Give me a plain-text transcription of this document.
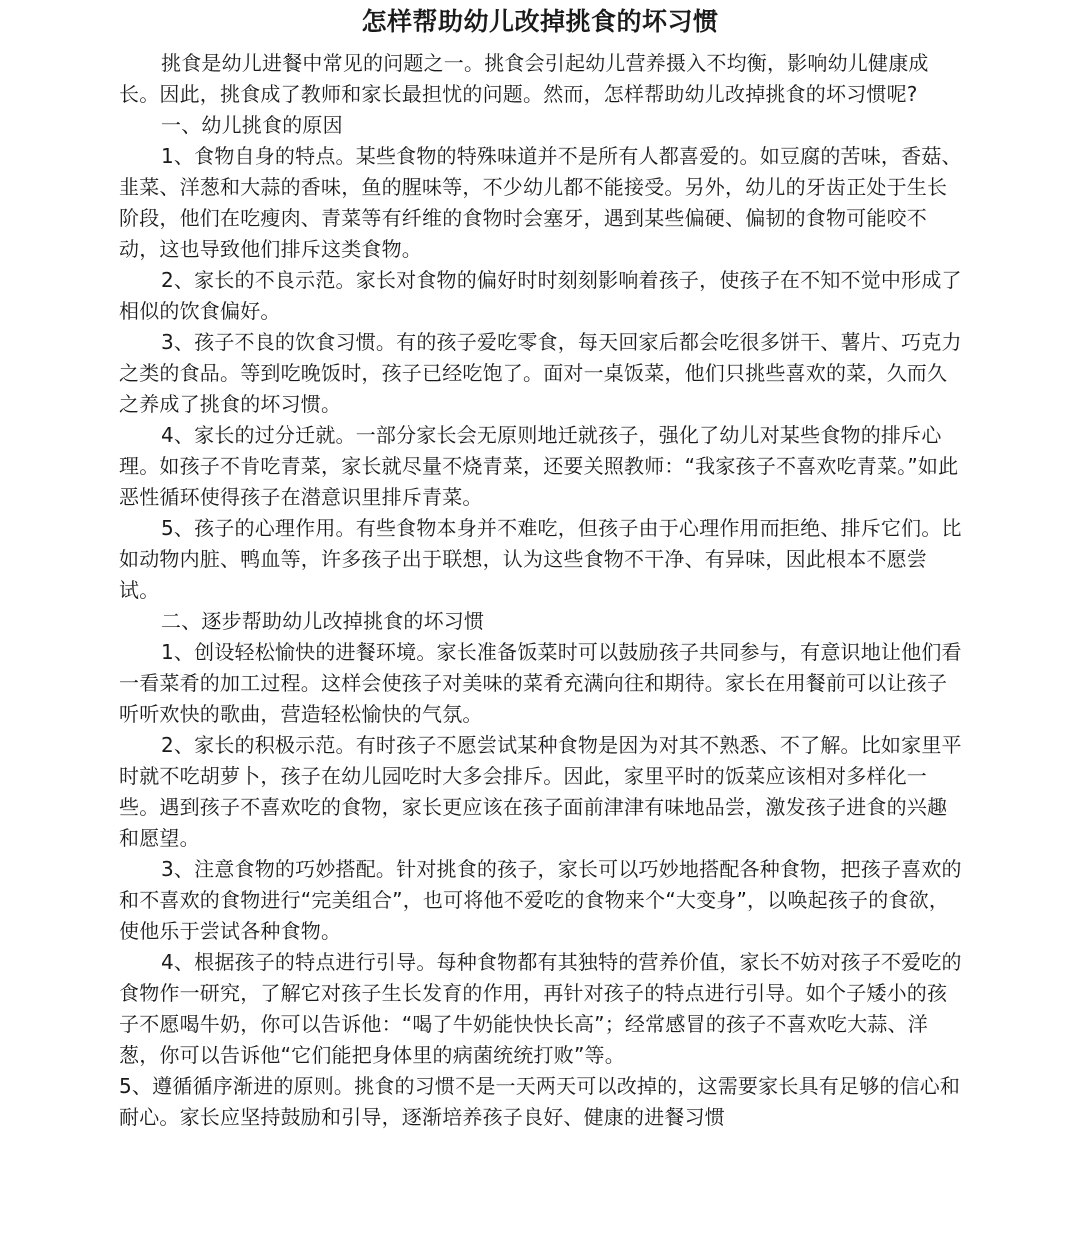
怎样帮助幼儿改掉挑食的坏习惯

挑食是幼儿进餐中常见的问题之一。挑食会引起幼儿营养摄入不均衡，影响幼儿健康成长。因此，挑食成了教师和家长最担忧的问题。然而，怎样帮助幼儿改掉挑食的坏习惯呢?

一、幼儿挑食的原因

1、食物自身的特点。某些食物的特殊味道并不是所有人都喜爱的。如豆腐的苦味，香菇、韭菜、洋葱和大蒜的香味，鱼的腥味等，不少幼儿都不能接受。另外，幼儿的牙齿正处于生长阶段，他们在吃瘦肉、青菜等有纤维的食物时会塞牙，遇到某些偏硬、偏韧的食物可能咬不动，这也导致他们排斥这类食物。

2、家长的不良示范。家长对食物的偏好时时刻刻影响着孩子，使孩子在不知不觉中形成了相似的饮食偏好。

3、孩子不良的饮食习惯。有的孩子爱吃零食，每天回家后都会吃很多饼干、薯片、巧克力之类的食品。等到吃晚饭时，孩子已经吃饱了。面对一桌饭菜，他们只挑些喜欢的菜，久而久之养成了挑食的坏习惯。

4、家长的过分迁就。一部分家长会无原则地迁就孩子，强化了幼儿对某些食物的排斥心理。如孩子不肯吃青菜，家长就尽量不烧青菜，还要关照教师：“我家孩子不喜欢吃青菜。”如此恶性循环使得孩子在潜意识里排斥青菜。

5、孩子的心理作用。有些食物本身并不难吃，但孩子由于心理作用而拒绝、排斥它们。比如动物内脏、鸭血等，许多孩子出于联想，认为这些食物不干净、有异味，因此根本不愿尝试。

二、逐步帮助幼儿改掉挑食的坏习惯

1、创设轻松愉快的进餐环境。家长准备饭菜时可以鼓励孩子共同参与，有意识地让他们看一看菜肴的加工过程。这样会使孩子对美味的菜肴充满向往和期待。家长在用餐前可以让孩子听听欢快的歌曲，营造轻松愉快的气氛。

2、家长的积极示范。有时孩子不愿尝试某种食物是因为对其不熟悉、不了解。比如家里平时就不吃胡萝卜，孩子在幼儿园吃时大多会排斥。因此，家里平时的饭菜应该相对多样化一些。遇到孩子不喜欢吃的食物，家长更应该在孩子面前津津有味地品尝，激发孩子进食的兴趣和愿望。

3、注意食物的巧妙搭配。针对挑食的孩子，家长可以巧妙地搭配各种食物，把孩子喜欢的和不喜欢的食物进行“完美组合”，也可将他不爱吃的食物来个“大变身”，以唤起孩子的食欲，使他乐于尝试各种食物。

4、根据孩子的特点进行引导。每种食物都有其独特的营养价值，家长不妨对孩子不爱吃的食物作一研究，了解它对孩子生长发育的作用，再针对孩子的特点进行引导。如个子矮小的孩子不愿喝牛奶，你可以告诉他：“喝了牛奶能快快长高”；经常感冒的孩子不喜欢吃大蒜、洋葱，你可以告诉他“它们能把身体里的病菌统统打败”等。

5、遵循循序渐进的原则。挑食的习惯不是一天两天可以改掉的，这需要家长具有足够的信心和耐心。家长应坚持鼓励和引导，逐渐培养孩子良好、健康的进餐习惯
